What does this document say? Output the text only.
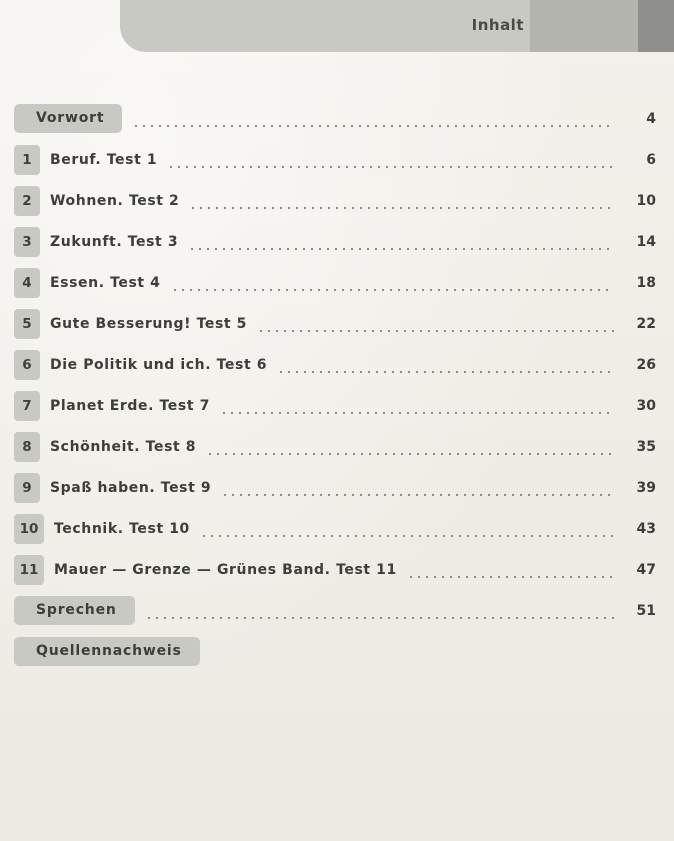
Inhalt
Vorwort	4
1	Beruf. Test 1	6
2	Wohnen. Test 2	10
3	Zukunft. Test 3	14
4	Essen. Test 4	18
5	Gute Besserung! Test 5	22
6	Die Politik und ich. Test 6	26
7	Planet Erde. Test 7	30
8	Schönheit. Test 8	35
9	Spaß haben. Test 9	39
10	Technik. Test 10	43
11	Mauer — Grenze — Grünes Band. Test 11	47
Sprechen	51
Quellennachweis
